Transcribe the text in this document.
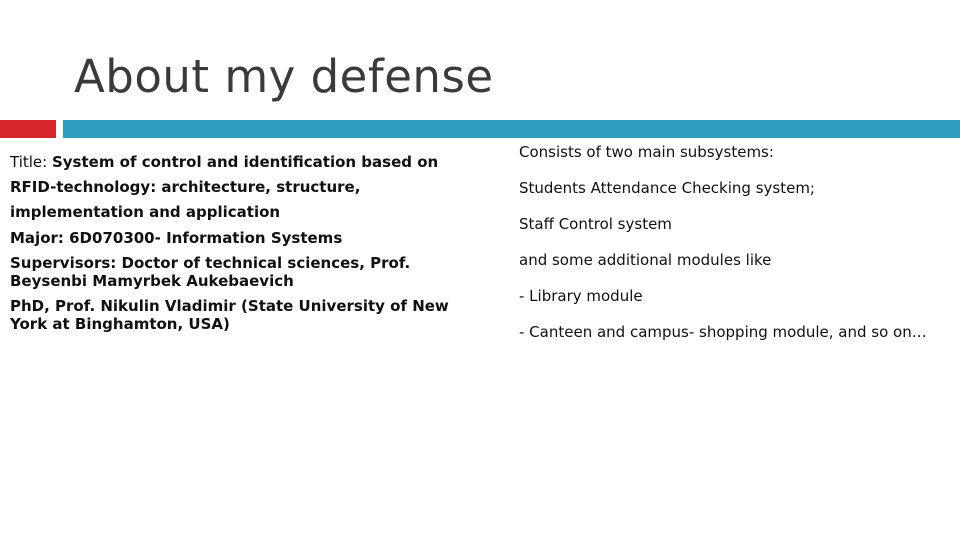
About my defense
Title: System of control and identification based on RFID-technology: architecture, structure, implementation and application
Major: 6D070300- Information Systems
Supervisors: Doctor of technical sciences, Prof. Beysenbi Mamyrbek Aukebaevich
PhD, Prof. Nikulin Vladimir (State University of New York at Binghamton, USA)
Consists of two main subsystems:
Students Attendance Checking system;
Staff Control system
and some additional modules like
- Library module
- Canteen and campus- shopping module, and so on…
